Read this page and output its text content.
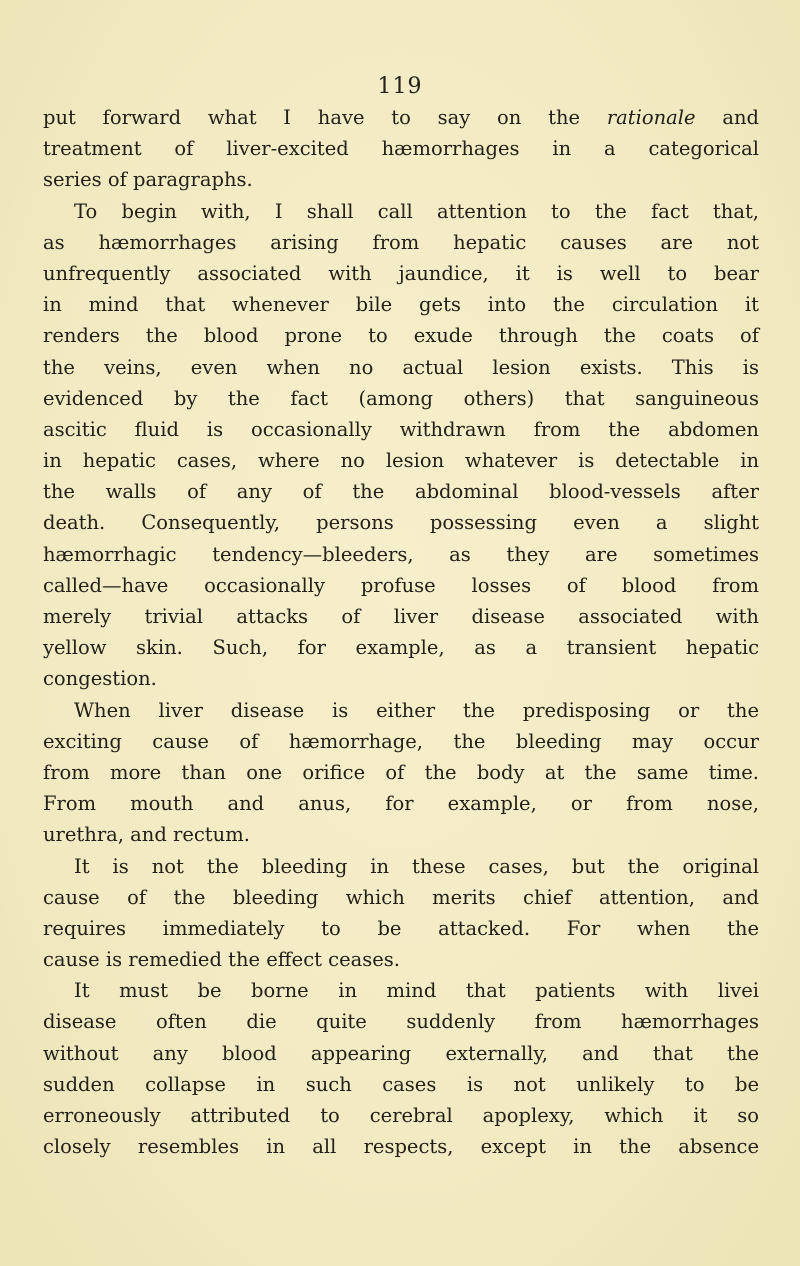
119
put forward what I have to say on the rationale and
treatment of liver-excited hæmorrhages in a categorical
series of paragraphs.
To begin with, I shall call attention to the fact that,
as hæmorrhages arising from hepatic causes are not
unfrequently associated with jaundice, it is well to bear
in mind that whenever bile gets into the circulation it
renders the blood prone to exude through the coats of
the veins, even when no actual lesion exists. This is
evidenced by the fact (among others) that sanguineous
ascitic fluid is occasionally withdrawn from the abdomen
in hepatic cases, where no lesion whatever is detectable in
the walls of any of the abdominal blood-vessels after
death. Consequently, persons possessing even a slight
hæmorrhagic tendency—bleeders, as they are sometimes
called—have occasionally profuse losses of blood from
merely trivial attacks of liver disease associated with
yellow skin. Such, for example, as a transient hepatic
congestion.
When liver disease is either the predisposing or the
exciting cause of hæmorrhage, the bleeding may occur
from more than one orifice of the body at the same time.
From mouth and anus, for example, or from nose,
urethra, and rectum.
It is not the bleeding in these cases, but the original
cause of the bleeding which merits chief attention, and
requires immediately to be attacked. For when the
cause is remedied the effect ceases.
It must be borne in mind that patients with livei
disease often die quite suddenly from hæmorrhages
without any blood appearing externally, and that the
sudden collapse in such cases is not unlikely to be
erroneously attributed to cerebral apoplexy, which it so
closely resembles in all respects, except in the absence
